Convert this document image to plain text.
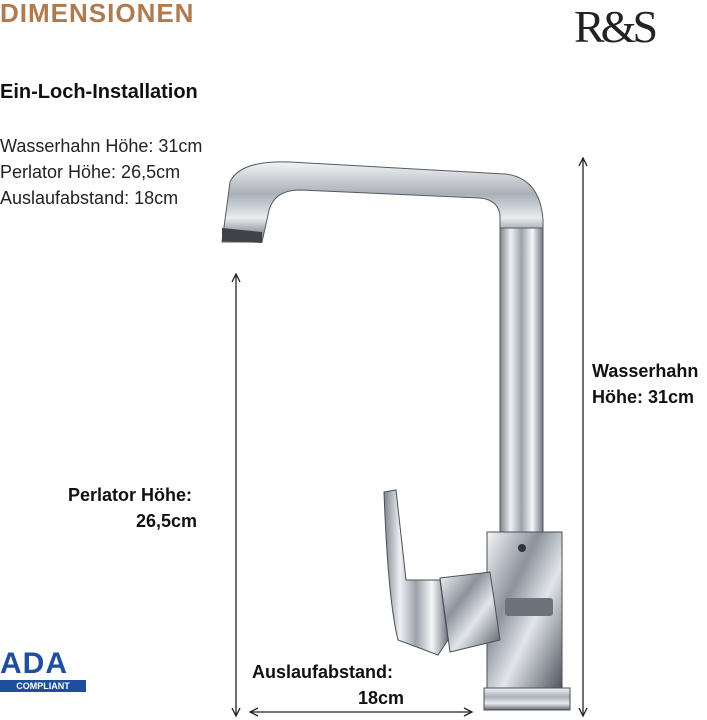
DIMENSIONEN	R&S
Ein-Loch-Installation
Wasserhahn Höhe: 31cm
Perlator Höhe: 26,5cm
Auslaufabstand: 18cm
Wasserhahn
Höhe: 31cm
Perlator Höhe:
26,5cm
Auslaufabstand:
18cm
ADA
COMPLIANT
